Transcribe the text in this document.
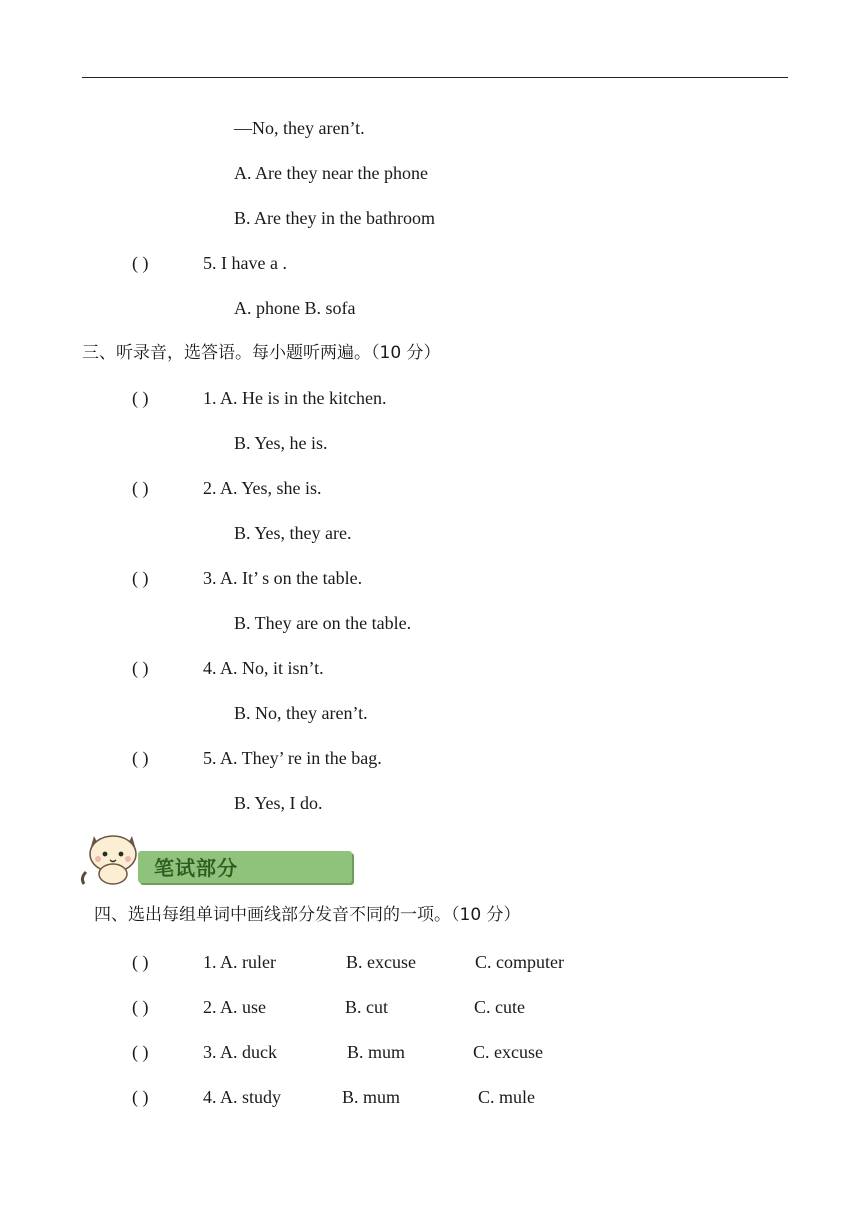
—No, they aren’t.
A. Are they near the phone
B. Are they in the bathroom
( )	5. I have a .
A. phone B. sofa
三、听录音，选答语。每小题听两遍。（10 分）
( )	1. A. He is in the kitchen.
B. Yes, he is.
( )	2. A. Yes, she is.
B. Yes, they are.
( )	3. A. It’ s on the table.
B. They are on the table.
( )	4. A. No, it isn’t.
B. No, they aren’t.
( )	5. A. They’ re in the bag.
B. Yes, I do.
笔试部分
四、选出每组单词中画线部分发音不同的一项。（10 分）
( )	1. A. ruler	B. excuse	C. computer
( )	2. A. use	B. cut	C. cute
( )	3. A. duck	B. mum	C. excuse
( )	4. A. study	B. mum	C. mule
